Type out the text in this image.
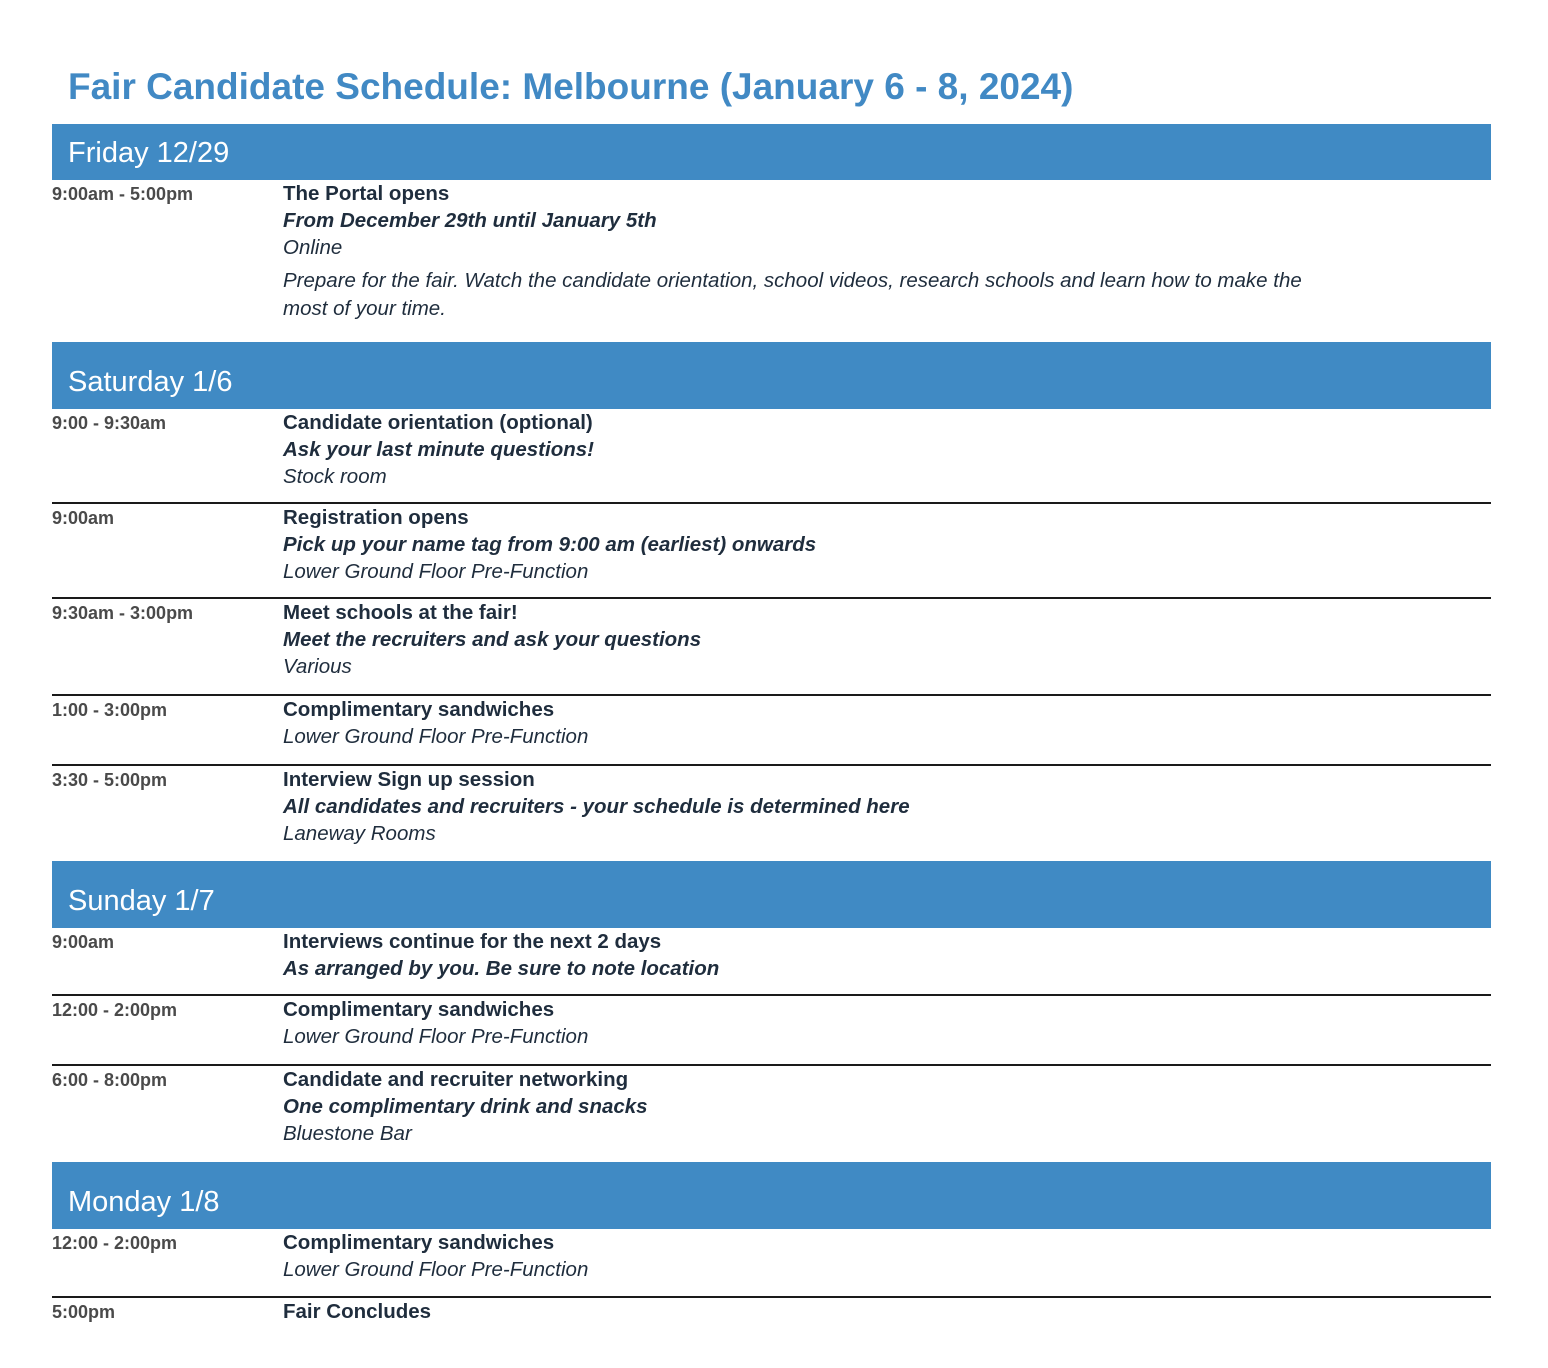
Fair Candidate Schedule: Melbourne (January 6 - 8, 2024)
Friday 12/29
9:00am - 5:00pm	The Portal opens
From December 29th until January 5th
Online
Prepare for the fair. Watch the candidate orientation, school videos, research schools and learn how to make the most of your time.
Saturday 1/6
9:00 - 9:30am	Candidate orientation (optional)
Ask your last minute questions!
Stock room
9:00am	Registration opens
Pick up your name tag from 9:00 am (earliest) onwards
Lower Ground Floor Pre-Function
9:30am - 3:00pm	Meet schools at the fair!
Meet the recruiters and ask your questions
Various
1:00 - 3:00pm	Complimentary sandwiches
Lower Ground Floor Pre-Function
3:30 - 5:00pm	Interview Sign up session
All candidates and recruiters - your schedule is determined here
Laneway Rooms
Sunday 1/7
9:00am	Interviews continue for the next 2 days
As arranged by you. Be sure to note location
12:00 - 2:00pm	Complimentary sandwiches
Lower Ground Floor Pre-Function
6:00 - 8:00pm	Candidate and recruiter networking
One complimentary drink and snacks
Bluestone Bar
Monday 1/8
12:00 - 2:00pm	Complimentary sandwiches
Lower Ground Floor Pre-Function
5:00pm	Fair Concludes
